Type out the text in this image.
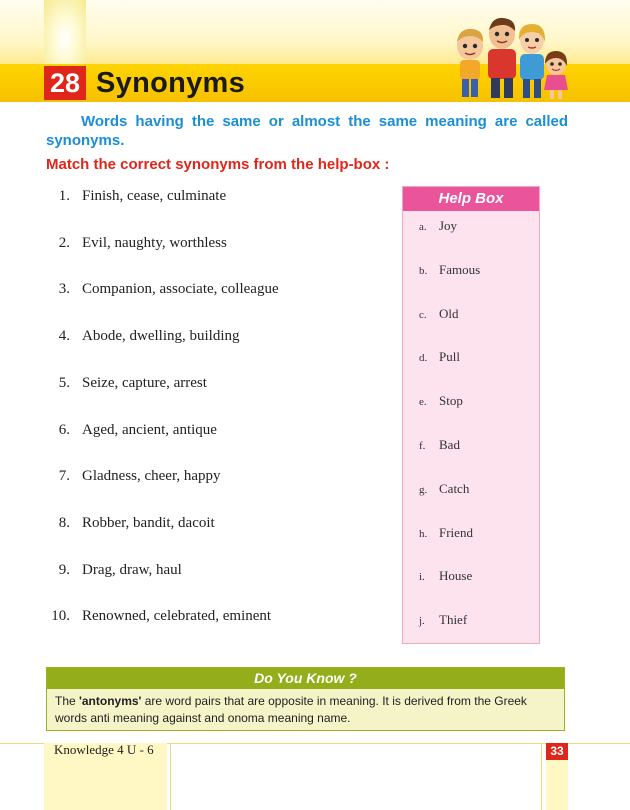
28 Synonyms

Words having the same or almost the same meaning are called synonyms.

Match the correct synonyms from the help-box :

1. Finish, cease, culminate
2. Evil, naughty, worthless
3. Companion, associate, colleague
4. Abode, dwelling, building
5. Seize, capture, arrest
6. Aged, ancient, antique
7. Gladness, cheer, happy
8. Robber, bandit, dacoit
9. Drag, draw, haul
10. Renowned, celebrated, eminent
Help Box
a. Joy
b. Famous
c. Old
d. Pull
e. Stop
f. Bad
g. Catch
h. Friend
i. House
j. Thief
Do You Know ?

The 'antonyms' are word pairs that are opposite in meaning. It is derived from the Greek words anti meaning against and onoma meaning name.

Knowledge 4 U - 6	33
